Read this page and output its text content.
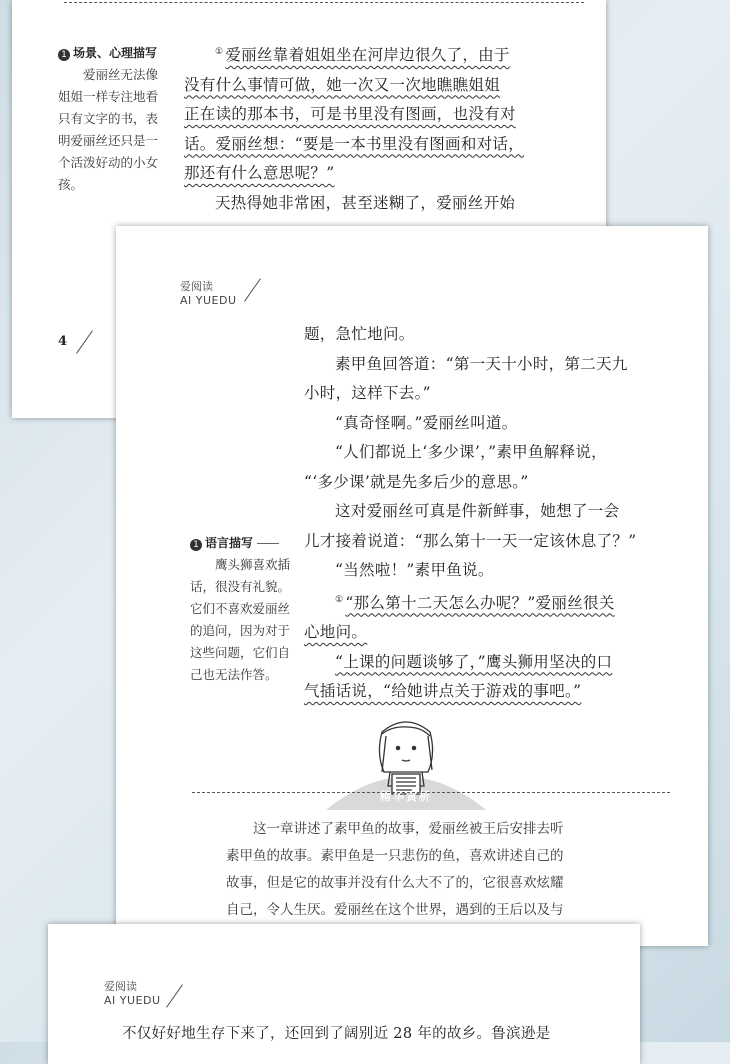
1 场景、心理描写
爱丽丝无法像姐姐一样专注地看只有文字的书，表明爱丽丝还只是一个活泼好动的小女孩。

① 爱丽丝靠着姐姐坐在河岸边很久了，由于

没有什么事情可做，她一次又一次地瞧瞧姐姐

正在读的那本书，可是书里没有图画，也没有对

话。爱丽丝想：“要是一本书里没有图画和对话，

那还有什么意思呢？”

天热得她非常困，甚至迷糊了，爱丽丝开始

4
爱阅读
AI YUEDU
1 语言描写
鹰头狮喜欢插话，很没有礼貌。它们不喜欢爱丽丝的追问，因为对于这些问题，它们自己也无法作答。

题，急忙地问。

素甲鱼回答道：“第一天十小时，第二天九

小时，这样下去。”

“真奇怪啊。”爱丽丝叫道。

“人们都说上‘多少课’，”素甲鱼解释说，

“‘多少课’就是先多后少的意思。”

这对爱丽丝可真是件新鲜事，她想了一会

儿才接着说道：“那么第十一天一定该休息了？”

“当然啦！”素甲鱼说。

① “那么第十二天怎么办呢？”爱丽丝很关

心地问。

“上课的问题谈够了，”鹰头狮用坚决的口

气插话说，“给她讲点关于游戏的事吧。”

精华赏析
这一章讲述了素甲鱼的故事，爱丽丝被王后安排去听
素甲鱼的故事。素甲鱼是一只悲伤的鱼，喜欢讲述自己的
故事，但是它的故事并没有什么大不了的，它很喜欢炫耀
自己，令人生厌。爱丽丝在这个世界，遇到的王后以及与
爱阅读
AI YUEDU

不仅好好地生存下来了，还回到了阔别近 28 年的故乡。鲁滨逊是
